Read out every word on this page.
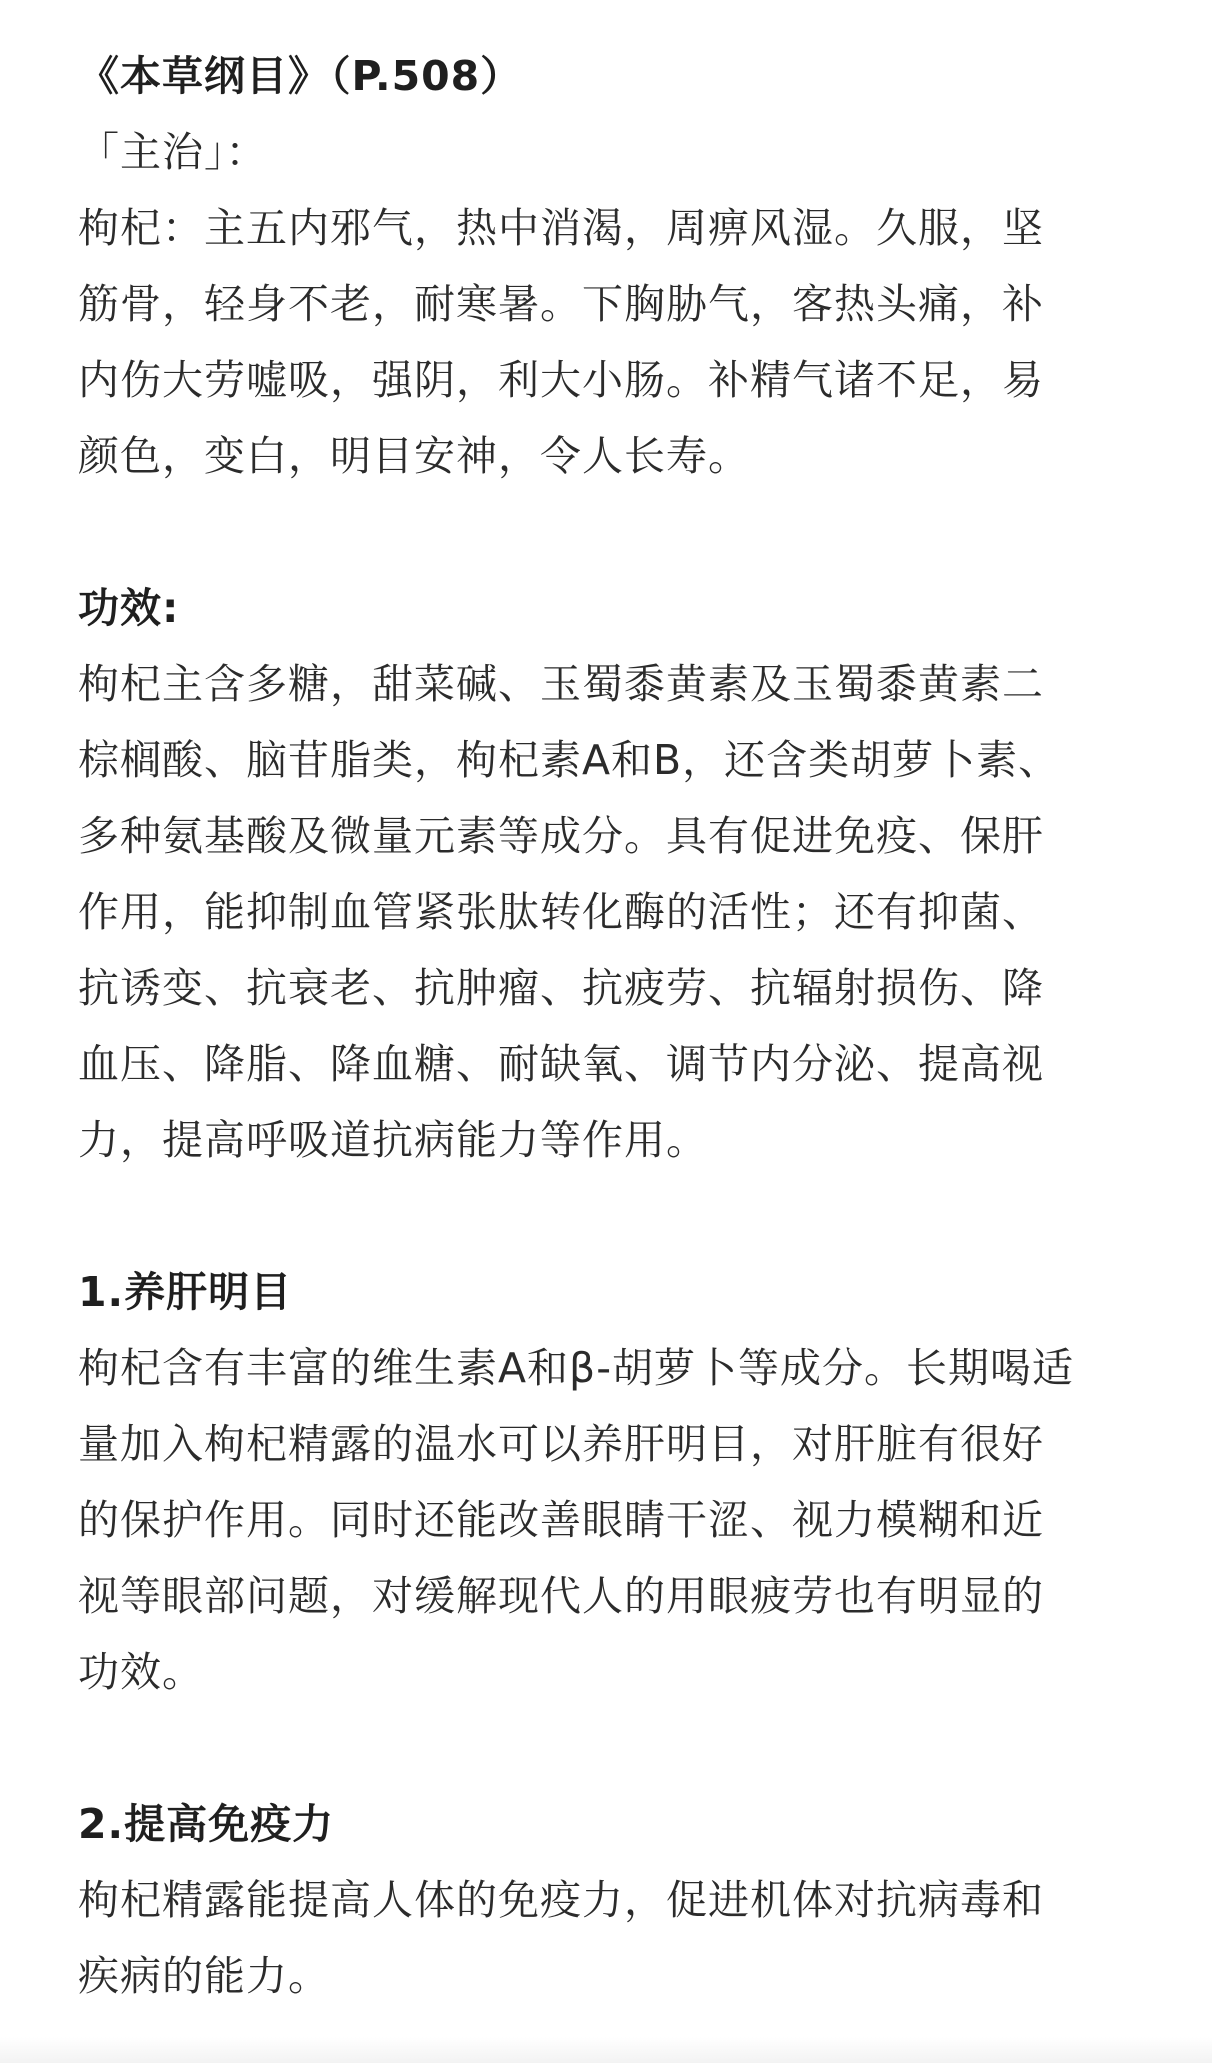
《本草纲目》（P.508）
「主治」：
枸杞：主五内邪气，热中消渴，周痹风湿。久服，坚
筋骨，轻身不老，耐寒暑。下胸胁气，客热头痛，补
内伤大劳嘘吸，强阴，利大小肠。补精气诸不足，易
颜色，变白，明目安神，令人长寿。
功效:
枸杞主含多糖，甜菜碱、玉蜀黍黄素及玉蜀黍黄素二
棕榈酸、脑苷脂类，枸杞素A和B，还含类胡萝卜素、
多种氨基酸及微量元素等成分。具有促进免疫、保肝
作用，能抑制血管紧张肽转化酶的活性；还有抑菌、
抗诱变、抗衰老、抗肿瘤、抗疲劳、抗辐射损伤、降
血压、降脂、降血糖、耐缺氧、调节内分泌、提高视
力，提高呼吸道抗病能力等作用。
1.养肝明目
枸杞含有丰富的维生素A和β-胡萝卜等成分。长期喝适
量加入枸杞精露的温水可以养肝明目，对肝脏有很好
的保护作用。同时还能改善眼睛干涩、视力模糊和近
视等眼部问题，对缓解现代人的用眼疲劳也有明显的
功效。
2.提高免疫力
枸杞精露能提高人体的免疫力，促进机体对抗病毒和
疾病的能力。
